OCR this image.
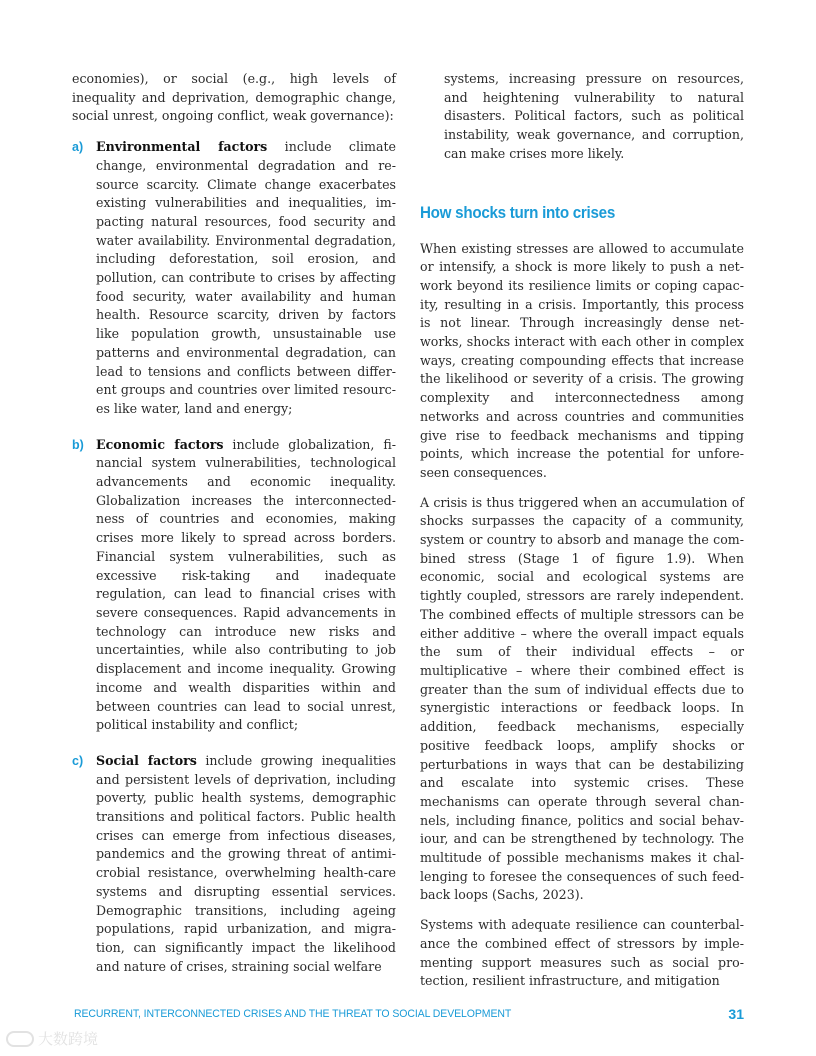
economies), or social (e.g., high levels of inequality and deprivation, demographic change, social unrest, ongoing conflict, weak governance):

a) Environmental factors include climate change, environmental degradation and resource scarcity. Climate change exacerbates existing vulnerabilities and inequalities, impacting natural resources, food security and water availability. Environmental degradation, including deforestation, soil erosion, and pollution, can contribute to crises by affecting food security, water availability and human health. Resource scarcity, driven by factors like population growth, unsustainable use patterns and environmental degradation, can lead to tensions and conflicts between different groups and countries over limited resources like water, land and energy;

b) Economic factors include globalization, financial system vulnerabilities, technological advancements and economic inequality. Globalization increases the interconnectedness of countries and economies, making crises more likely to spread across borders. Financial system vulnerabilities, such as excessive risk-taking and inadequate regulation, can lead to financial crises with severe consequences. Rapid advancements in technology can introduce new risks and uncertainties, while also contributing to job displacement and income inequality. Growing income and wealth disparities within and between countries can lead to social unrest, political instability and conflict;

c) Social factors include growing inequalities and persistent levels of deprivation, including poverty, public health systems, demographic transitions and political factors. Public health crises can emerge from infectious diseases, pandemics and the growing threat of antimicrobial resistance, overwhelming health-care systems and disrupting essential services. Demographic transitions, including ageing populations, rapid urbanization, and migration, can significantly impact the likelihood and nature of crises, straining social welfare

systems, increasing pressure on resources, and heightening vulnerability to natural disasters. Political factors, such as political instability, weak governance, and corruption, can make crises more likely.

How shocks turn into crises

When existing stresses are allowed to accumulate or intensify, a shock is more likely to push a network beyond its resilience limits or coping capacity, resulting in a crisis. Importantly, this process is not linear. Through increasingly dense networks, shocks interact with each other in complex ways, creating compounding effects that increase the likelihood or severity of a crisis. The growing complexity and interconnectedness among networks and across countries and communities give rise to feedback mechanisms and tipping points, which increase the potential for unforeseen consequences.

A crisis is thus triggered when an accumulation of shocks surpasses the capacity of a community, system or country to absorb and manage the combined stress (Stage 1 of figure 1.9). When economic, social and ecological systems are tightly coupled, stressors are rarely independent. The combined effects of multiple stressors can be either additive – where the overall impact equals the sum of their individual effects – or multiplicative – where their combined effect is greater than the sum of individual effects due to synergistic interactions or feedback loops. In addition, feedback mechanisms, especially positive feedback loops, amplify shocks or perturbations in ways that can be destabilizing and escalate into systemic crises. These mechanisms can operate through several channels, including finance, politics and social behaviour, and can be strengthened by technology. The multitude of possible mechanisms makes it challenging to foresee the consequences of such feedback loops (Sachs, 2023).

Systems with adequate resilience can counterbalance the combined effect of stressors by implementing support measures such as social protection, resilient infrastructure, and mitigation

RECURRENT, INTERCONNECTED CRISES AND THE THREAT TO SOCIAL DEVELOPMENT	31
大数跨境
